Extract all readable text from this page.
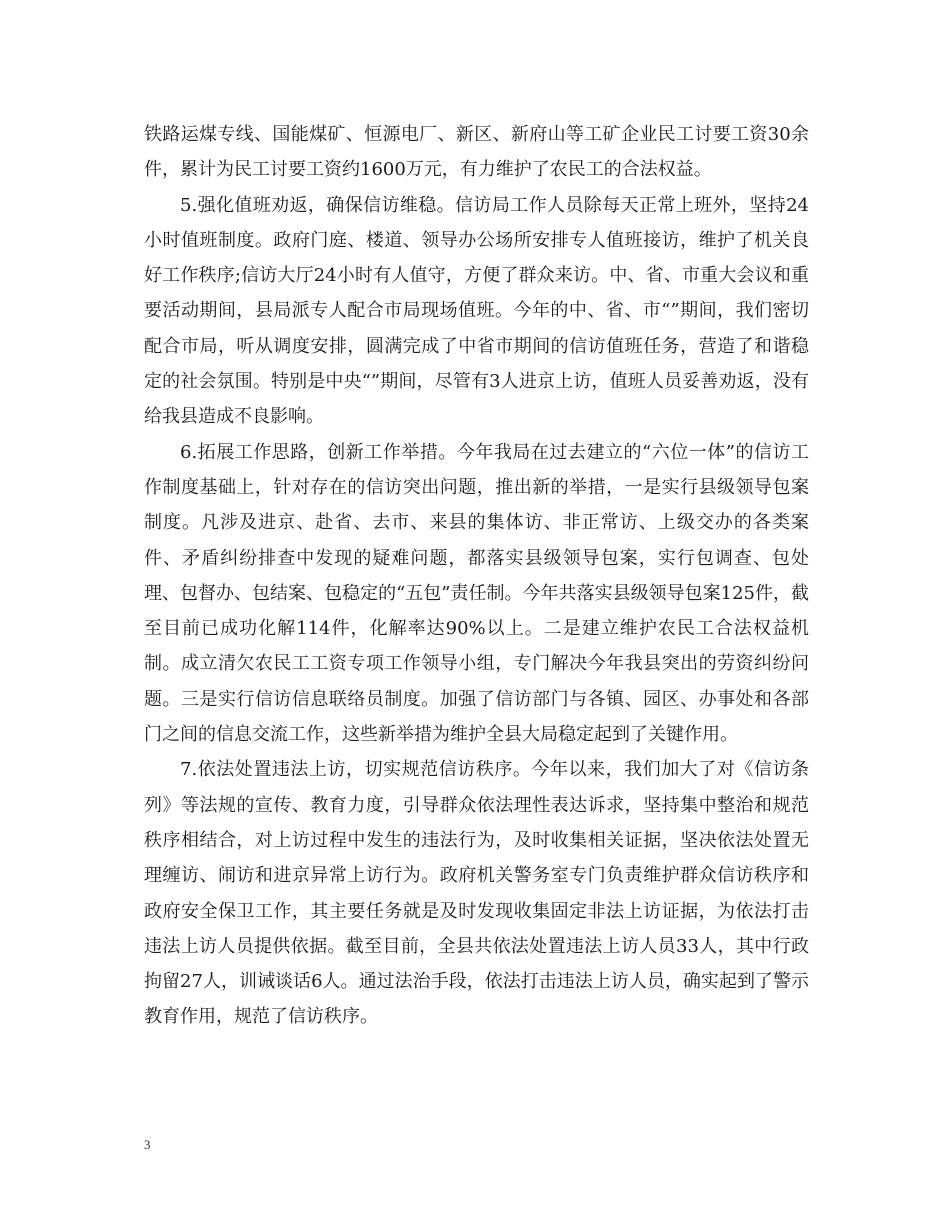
铁路运煤专线、国能煤矿、恒源电厂、新区、新府山等工矿企业民工讨要工资30余件，累计为民工讨要工资约1600万元，有力维护了农民工的合法权益。

5.强化值班劝返，确保信访维稳。信访局工作人员除每天正常上班外，坚持24小时值班制度。政府门庭、楼道、领导办公场所安排专人值班接访，维护了机关良好工作秩序;信访大厅24小时有人值守，方便了群众来访。中、省、市重大会议和重要活动期间，县局派专人配合市局现场值班。今年的中、省、市“”期间，我们密切配合市局，听从调度安排，圆满完成了中省市期间的信访值班任务，营造了和谐稳定的社会氛围。特别是中央“”期间，尽管有3人进京上访，值班人员妥善劝返，没有给我县造成不良影响。

6.拓展工作思路，创新工作举措。今年我局在过去建立的“六位一体”的信访工作制度基础上，针对存在的信访突出问题，推出新的举措，一是实行县级领导包案制度。凡涉及进京、赴省、去市、来县的集体访、非正常访、上级交办的各类案件、矛盾纠纷排查中发现的疑难问题，都落实县级领导包案，实行包调查、包处理、包督办、包结案、包稳定的“五包”责任制。今年共落实县级领导包案125件，截至目前已成功化解114件，化解率达90%以上。二是建立维护农民工合法权益机制。成立清欠农民工工资专项工作领导小组，专门解决今年我县突出的劳资纠纷问题。三是实行信访信息联络员制度。加强了信访部门与各镇、园区、办事处和各部门之间的信息交流工作，这些新举措为维护全县大局稳定起到了关键作用。

7.依法处置违法上访，切实规范信访秩序。今年以来，我们加大了对《信访条列》等法规的宣传、教育力度，引导群众依法理性表达诉求，坚持集中整治和规范秩序相结合，对上访过程中发生的违法行为，及时收集相关证据，坚决依法处置无理缠访、闹访和进京异常上访行为。政府机关警务室专门负责维护群众信访秩序和政府安全保卫工作，其主要任务就是及时发现收集固定非法上访证据，为依法打击违法上访人员提供依据。截至目前，全县共依法处置违法上访人员33人，其中行政拘留27人，训诫谈话6人。通过法治手段，依法打击违法上访人员，确实起到了警示教育作用，规范了信访秩序。

3
